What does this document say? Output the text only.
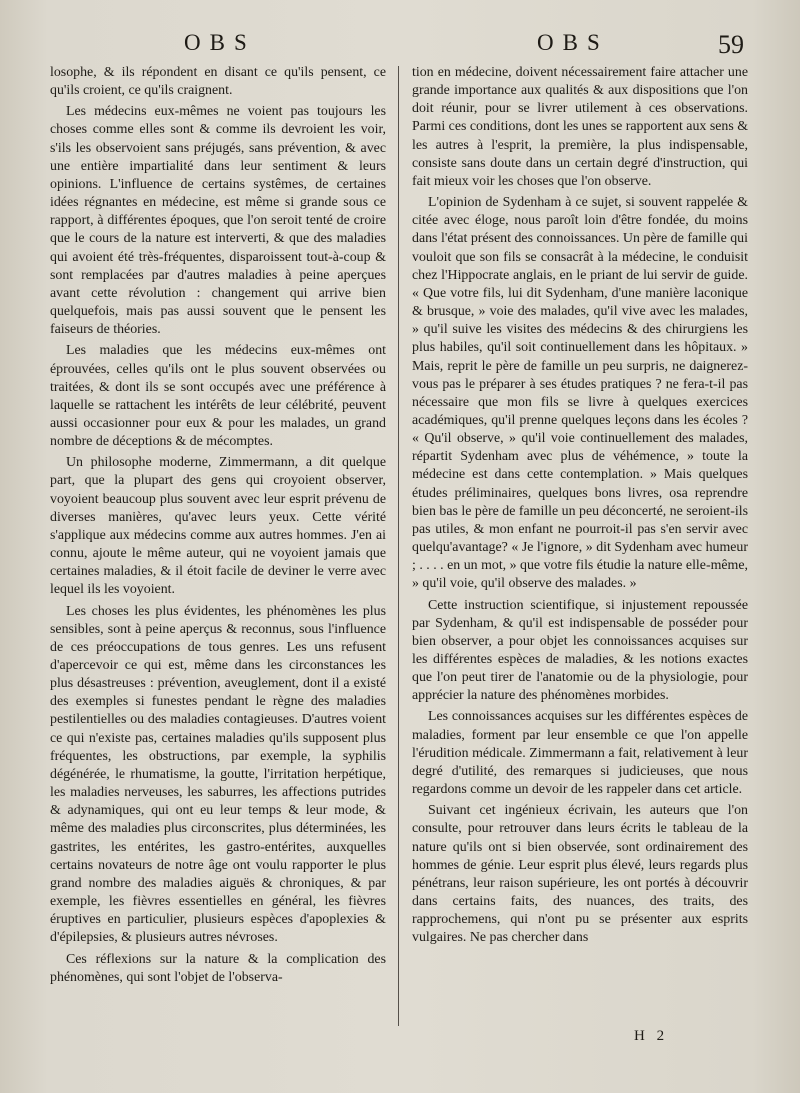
OBS	OBS	59

losophe, & ils répondent en disant ce qu'ils pensent, ce qu'ils croient, ce qu'ils craignent.

Les médecins eux-mêmes ne voient pas toujours les choses comme elles sont & comme ils devroient les voir, s'ils les observoient sans préjugés, sans prévention, & avec une entière impartialité dans leur sentiment & leurs opinions. L'influence de certains systêmes, de certaines idées régnantes en médecine, est même si grande sous ce rapport, à différentes époques, que l'on seroit tenté de croire que le cours de la nature est interverti, & que des maladies qui avoient été très-fréquentes, disparoissent tout-à-coup & sont remplacées par d'autres maladies à peine aperçues avant cette révolution : changement qui arrive bien quelquefois, mais pas aussi souvent que le pensent les faiseurs de théories.

Les maladies que les médecins eux-mêmes ont éprouvées, celles qu'ils ont le plus souvent observées ou traitées, & dont ils se sont occupés avec une préférence à laquelle se rattachent les intérêts de leur célébrité, peuvent aussi occasionner pour eux & pour les malades, un grand nombre de déceptions & de mécomptes.

Un philosophe moderne, Zimmermann, a dit quelque part, que la plupart des gens qui croyoient observer, voyoient beaucoup plus souvent avec leur esprit prévenu de diverses manières, qu'avec leurs yeux. Cette vérité s'applique aux médecins comme aux autres hommes. J'en ai connu, ajoute le même auteur, qui ne voyoient jamais que certaines maladies, & il étoit facile de deviner le verre avec lequel ils les voyoient.

Les choses les plus évidentes, les phénomènes les plus sensibles, sont à peine aperçus & reconnus, sous l'influence de ces préoccupations de tous genres. Les uns refusent d'apercevoir ce qui est, même dans les circonstances les plus désastreuses : prévention, aveuglement, dont il a existé des exemples si funestes pendant le règne des maladies pestilentielles ou des maladies contagieuses. D'autres voient ce qui n'existe pas, certaines maladies qu'ils supposent plus fréquentes, les obstructions, par exemple, la syphilis dégénérée, le rhumatisme, la goutte, l'irritation herpétique, les maladies nerveuses, les saburres, les affections putrides & adynamiques, qui ont eu leur temps & leur mode, & même des maladies plus circonscrites, plus déterminées, les gastrites, les entérites, les gastro-entérites, auxquelles certains novateurs de notre âge ont voulu rapporter le plus grand nombre des maladies aiguës & chroniques, & par exemple, les fièvres essentielles en général, les fièvres éruptives en particulier, plusieurs espèces d'apoplexies & d'épilepsies, & plusieurs autres névroses.

Ces réflexions sur la nature & la complication des phénomènes, qui sont l'objet de l'observa-

tion en médecine, doivent nécessairement faire attacher une grande importance aux qualités & aux dispositions que l'on doit réunir, pour se livrer utilement à ces observations. Parmi ces conditions, dont les unes se rapportent aux sens & les autres à l'esprit, la première, la plus indispensable, consiste sans doute dans un certain degré d'instruction, qui fait mieux voir les choses que l'on observe.

L'opinion de Sydenham à ce sujet, si souvent rappelée & citée avec éloge, nous paroît loin d'être fondée, du moins dans l'état présent des connoissances. Un père de famille qui vouloit que son fils se consacrât à la médecine, le conduisit chez l'Hippocrate anglais, en le priant de lui servir de guide. « Que votre fils, lui dit Sydenham, d'une manière laconique & brusque, » voie des malades, qu'il vive avec les malades, » qu'il suive les visites des médecins & des chirurgiens les plus habiles, qu'il soit continuellement dans les hôpitaux. » Mais, reprit le père de famille un peu surpris, ne daignerez-vous pas le préparer à ses études pratiques ? ne fera-t-il pas nécessaire que mon fils se livre à quelques exercices académiques, qu'il prenne quelques leçons dans les écoles ? « Qu'il observe, » qu'il voie continuellement des malades, répartit Sydenham avec plus de véhémence, » toute la médecine est dans cette contemplation. » Mais quelques études préliminaires, quelques bons livres, osa reprendre bien bas le père de famille un peu déconcerté, ne seroient-ils pas utiles, & mon enfant ne pourroit-il pas s'en servir avec quelqu'avantage? « Je l'ignore, » dit Sydenham avec humeur ; . . . . en un mot, » que votre fils étudie la nature elle-même, » qu'il voie, qu'il observe des malades. »

Cette instruction scientifique, si injustement repoussée par Sydenham, & qu'il est indispensable de posséder pour bien observer, a pour objet les connoissances acquises sur les différentes espèces de maladies, & les notions exactes que l'on peut tirer de l'anatomie ou de la physiologie, pour apprécier la nature des phénomènes morbides.

Les connoissances acquises sur les différentes espèces de maladies, forment par leur ensemble ce que l'on appelle l'érudition médicale. Zimmermann a fait, relativement à leur degré d'utilité, des remarques si judicieuses, que nous regardons comme un devoir de les rappeler dans cet article.

Suivant cet ingénieux écrivain, les auteurs que l'on consulte, pour retrouver dans leurs écrits le tableau de la nature qu'ils ont si bien observée, sont ordinairement des hommes de génie. Leur esprit plus élevé, leurs regards plus pénétrans, leur raison supérieure, les ont portés à découvrir dans certains faits, des nuances, des traits, des rapprochemens, qui n'ont pu se présenter aux esprits vulgaires. Ne pas chercher dans

H 2
